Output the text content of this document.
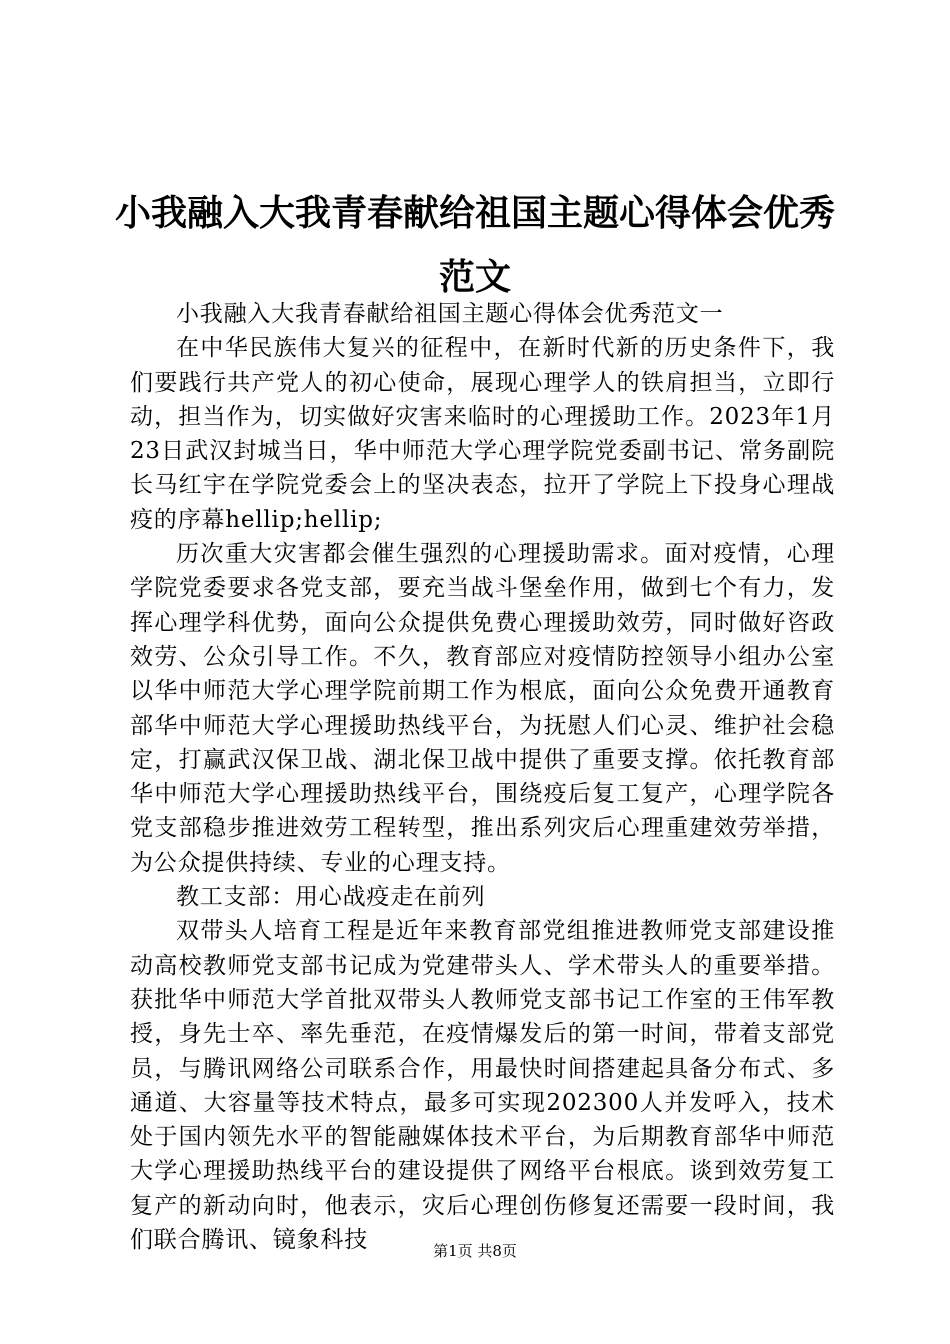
小我融入大我青春献给祖国主题心得体会优秀范文

小我融入大我青春献给祖国主题心得体会优秀范文一

在中华民族伟大复兴的征程中，在新时代新的历史条件下，我们要践行共产党人的初心使命，展现心理学人的铁肩担当，立即行动，担当作为，切实做好灾害来临时的心理援助工作。2023年1月23日武汉封城当日，华中师范大学心理学院党委副书记、常务副院长马红宇在学院党委会上的坚决表态，拉开了学院上下投身心理战疫的序幕hellip;hellip;

历次重大灾害都会催生强烈的心理援助需求。面对疫情，心理学院党委要求各党支部，要充当战斗堡垒作用，做到七个有力，发挥心理学科优势，面向公众提供免费心理援助效劳，同时做好咨政效劳、公众引导工作。不久，教育部应对疫情防控领导小组办公室以华中师范大学心理学院前期工作为根底，面向公众免费开通教育部华中师范大学心理援助热线平台，为抚慰人们心灵、维护社会稳定，打赢武汉保卫战、湖北保卫战中提供了重要支撑。依托教育部华中师范大学心理援助热线平台，围绕疫后复工复产，心理学院各党支部稳步推进效劳工程转型，推出系列灾后心理重建效劳举措，为公众提供持续、专业的心理支持。

教工支部：用心战疫走在前列

双带头人培育工程是近年来教育部党组推进教师党支部建设推动高校教师党支部书记成为党建带头人、学术带头人的重要举措。获批华中师范大学首批双带头人教师党支部书记工作室的王伟军教授，身先士卒、率先垂范，在疫情爆发后的第一时间，带着支部党员，与腾讯网络公司联系合作，用最快时间搭建起具备分布式、多通道、大容量等技术特点，最多可实现202300人并发呼入，技术处于国内领先水平的智能融媒体技术平台，为后期教育部华中师范大学心理援助热线平台的建设提供了网络平台根底。谈到效劳复工复产的新动向时，他表示，灾后心理创伤修复还需要一段时间，我们联合腾讯、镜象科技	第1页 共8页
